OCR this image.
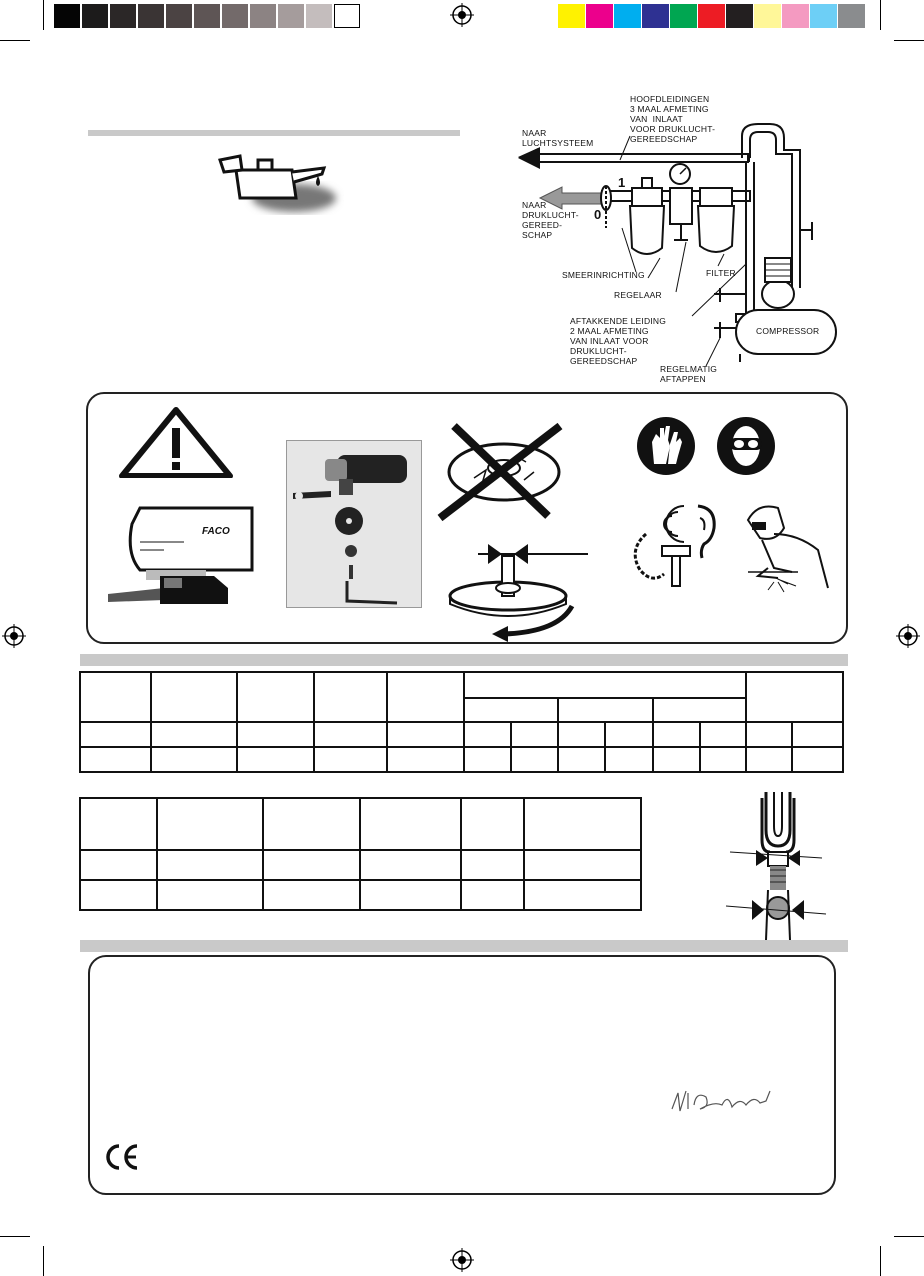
HOOFDLEIDINGEN
3 MAAL AFMETING
VAN  INLAAT
VOOR DRUKLUCHT-
GEREEDSCHAP
NAAR
LUCHTSYSTEEM
NAAR
DRUKLUCHT-
GEREED-
SCHAP
1
0
SMEERINRICHTING	FILTER
REGELAAR
AFTAKKENDE LEIDING
2 MAAL AFMETING
VAN INLAAT VOOR
DRUKLUCHT-
GEREEDSCHAP
COMPRESSOR
REGELMATIG
AFTAPPEN
FACO
